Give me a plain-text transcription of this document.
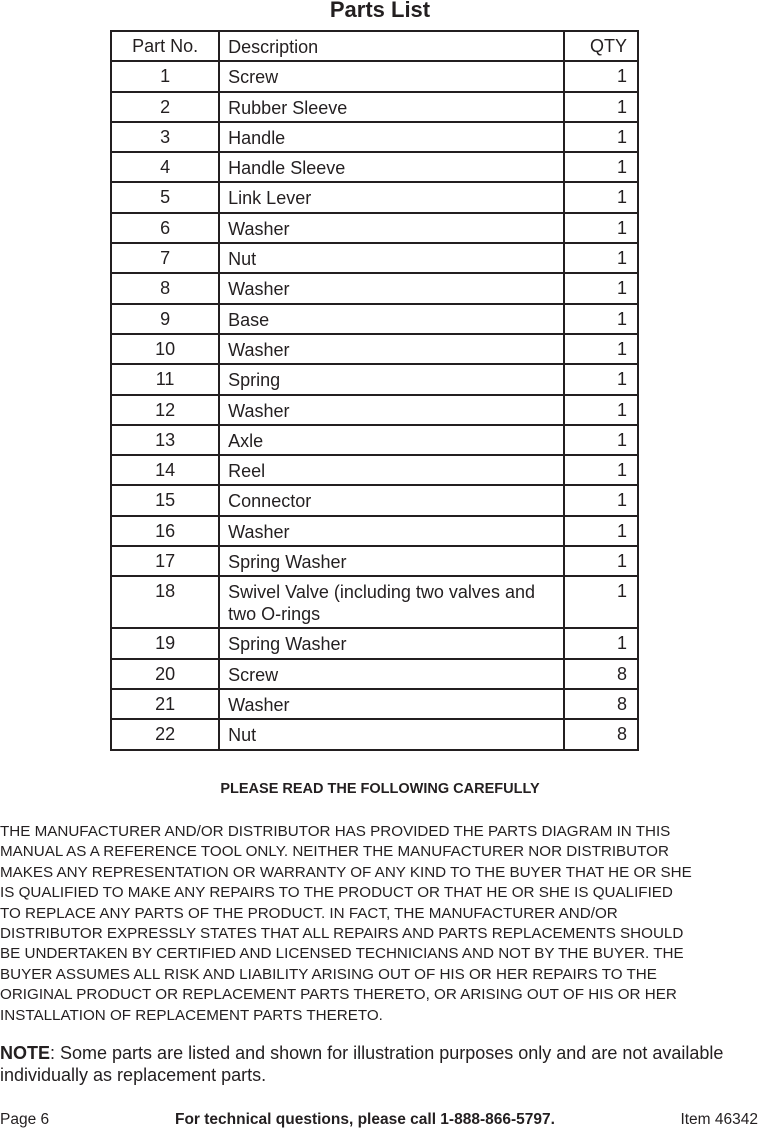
Parts List
Part No.	Description	QTY
1	Screw	1
2	Rubber Sleeve	1
3	Handle	1
4	Handle Sleeve	1
5	Link Lever	1
6	Washer	1
7	Nut	1
8	Washer	1
9	Base	1
10	Washer	1
11	Spring	1
12	Washer	1
13	Axle	1
14	Reel	1
15	Connector	1
16	Washer	1
17	Spring Washer	1
18	Swivel Valve (including two valves and
two O-rings	1
19	Spring Washer	1
20	Screw	8
21	Washer	8
22	Nut	8
PLEASE READ THE FOLLOWING CAREFULLY
THE MANUFACTURER AND/OR DISTRIBUTOR HAS PROVIDED THE PARTS DIAGRAM IN THIS
MANUAL AS A REFERENCE TOOL ONLY. NEITHER THE MANUFACTURER NOR DISTRIBUTOR
MAKES ANY REPRESENTATION OR WARRANTY OF ANY KIND TO THE BUYER THAT HE OR SHE
IS QUALIFIED TO MAKE ANY REPAIRS TO THE PRODUCT OR THAT HE OR SHE IS QUALIFIED
TO REPLACE ANY PARTS OF THE PRODUCT. IN FACT, THE MANUFACTURER AND/OR
DISTRIBUTOR EXPRESSLY STATES THAT ALL REPAIRS AND PARTS REPLACEMENTS SHOULD
BE UNDERTAKEN BY CERTIFIED AND LICENSED TECHNICIANS AND NOT BY THE BUYER. THE
BUYER ASSUMES ALL RISK AND LIABILITY ARISING OUT OF HIS OR HER REPAIRS TO THE
ORIGINAL PRODUCT OR REPLACEMENT PARTS THERETO, OR ARISING OUT OF HIS OR HER
INSTALLATION OF REPLACEMENT PARTS THERETO.
NOTE: Some parts are listed and shown for illustration purposes only and are not available
individually as replacement parts.
Page 6	For technical questions, please call 1-888-866-5797.	Item 46342
